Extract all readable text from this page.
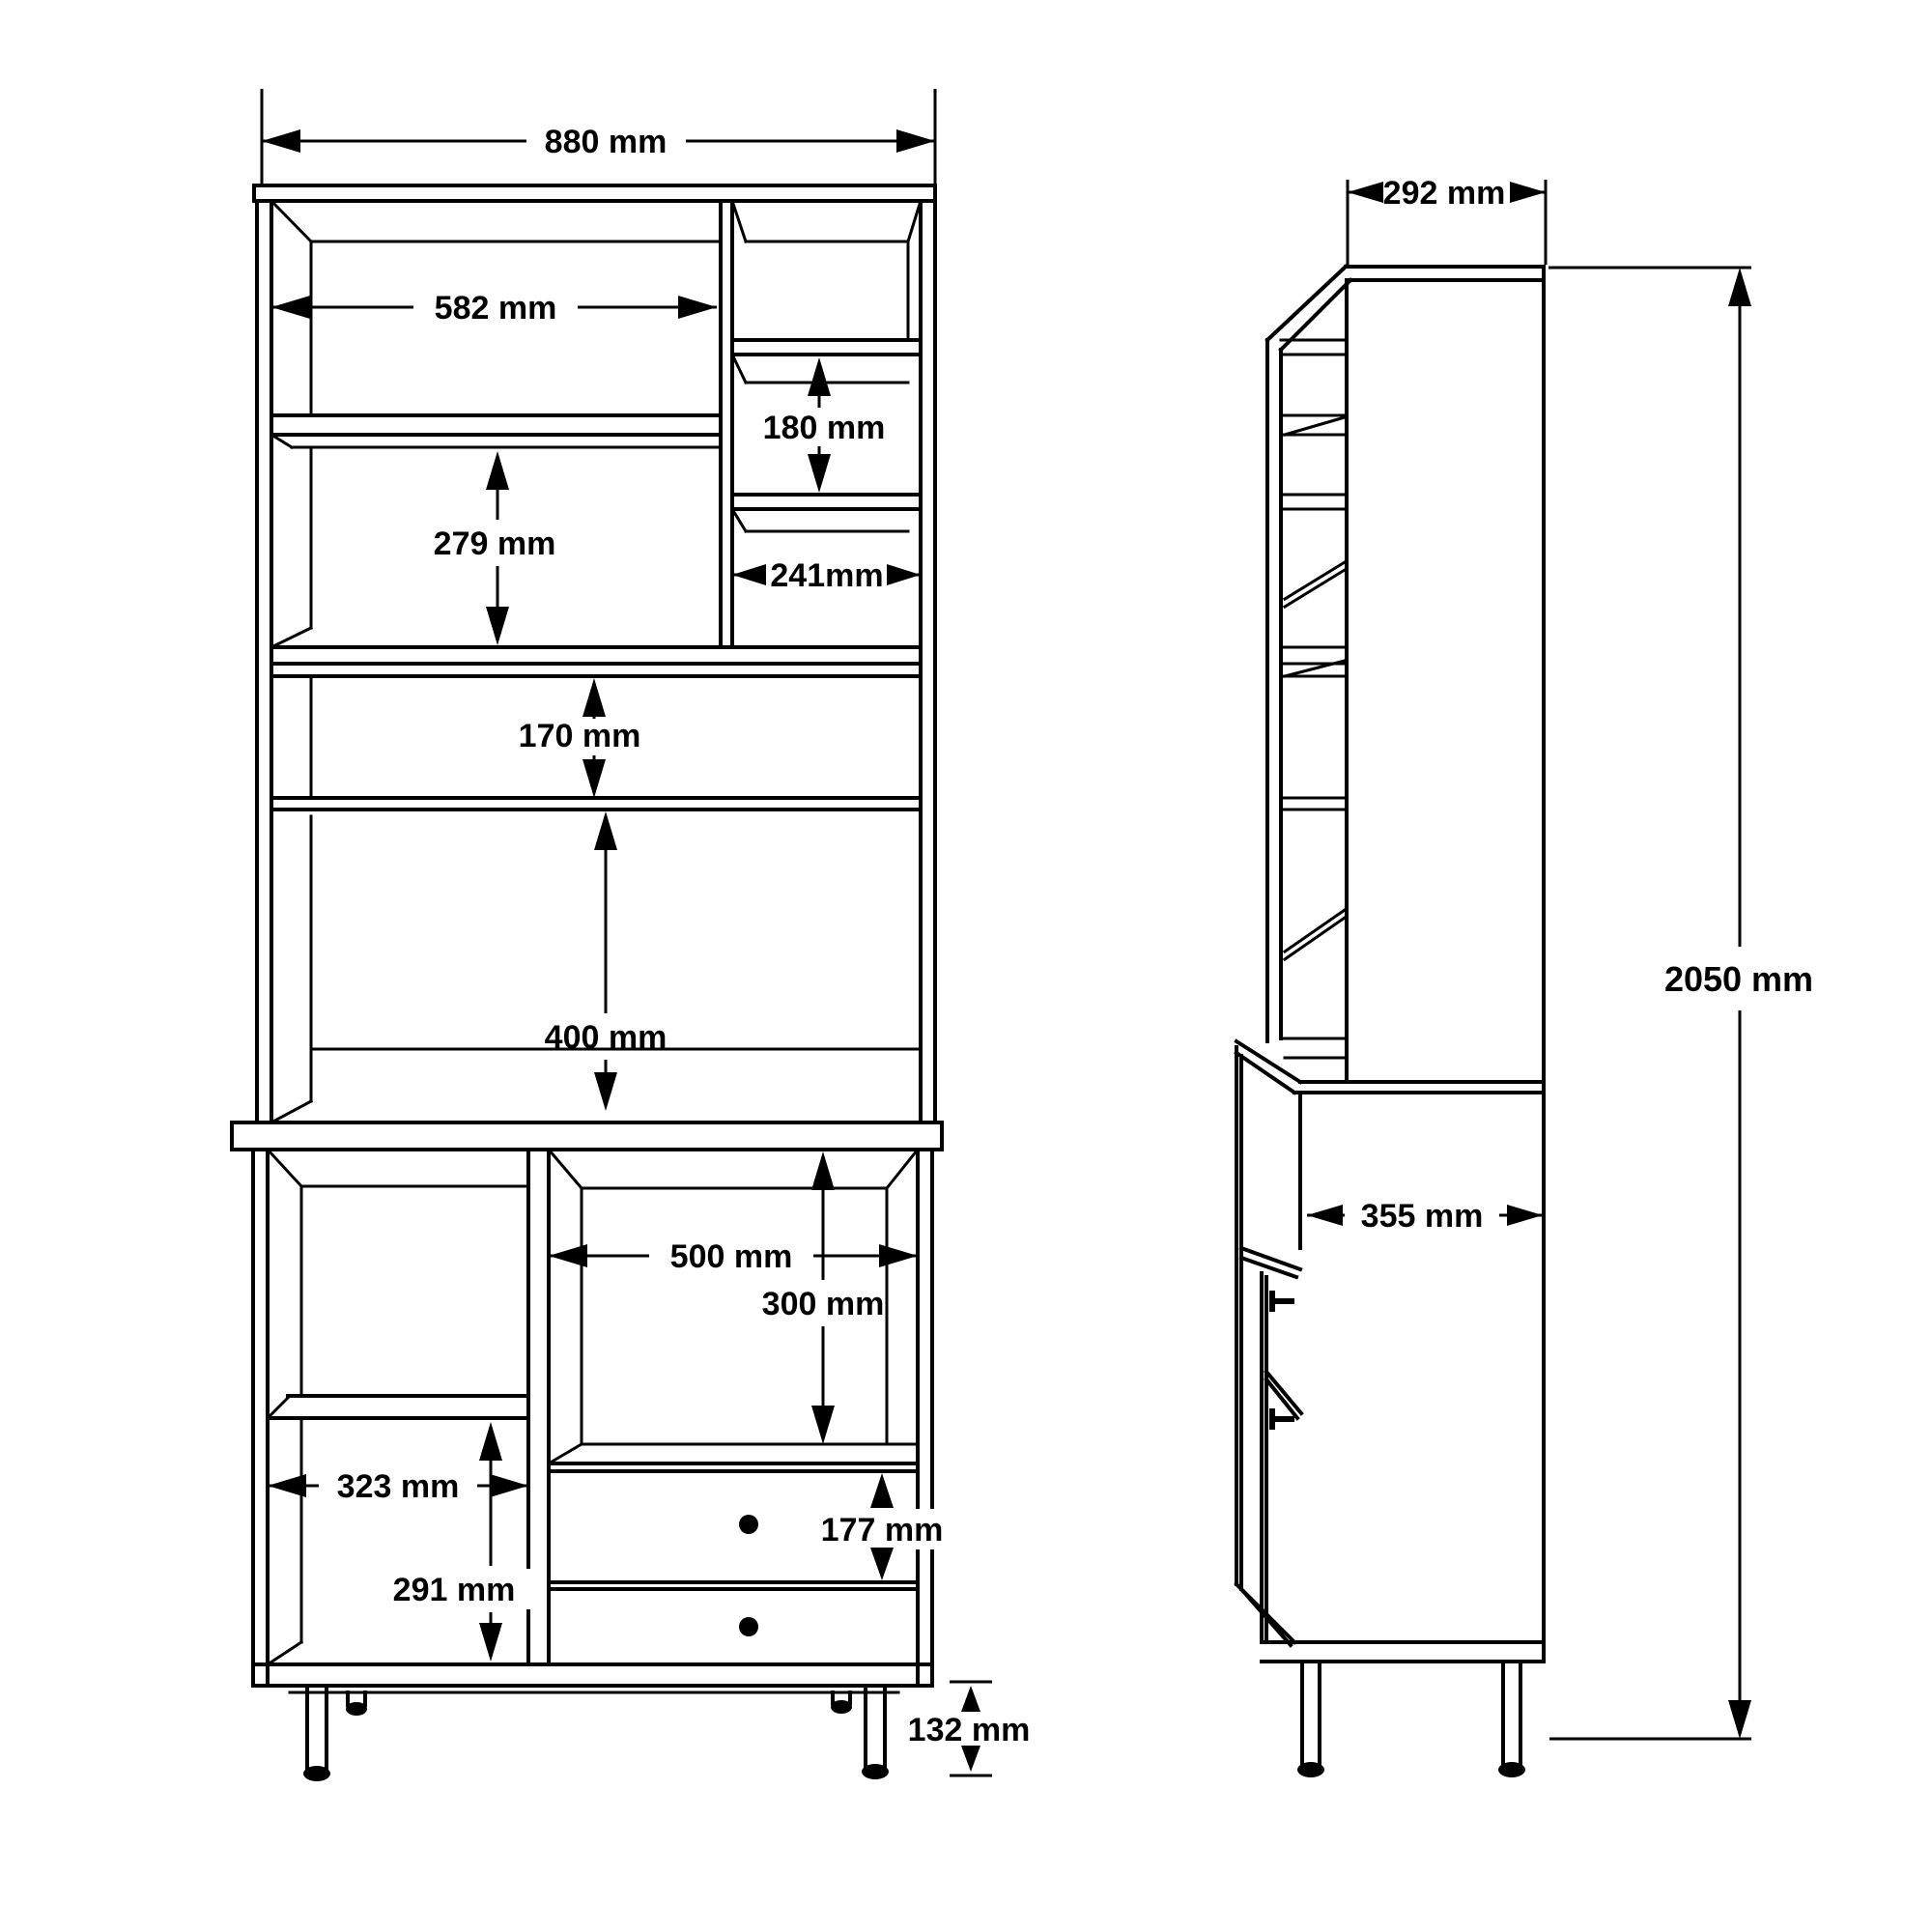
880 mm
582 mm
180 mm
241mm
279 mm
170 mm
400 mm
500 mm
300 mm
323 mm
291 mm
177 mm
132 mm
292 mm
355 mm
2050 mm
